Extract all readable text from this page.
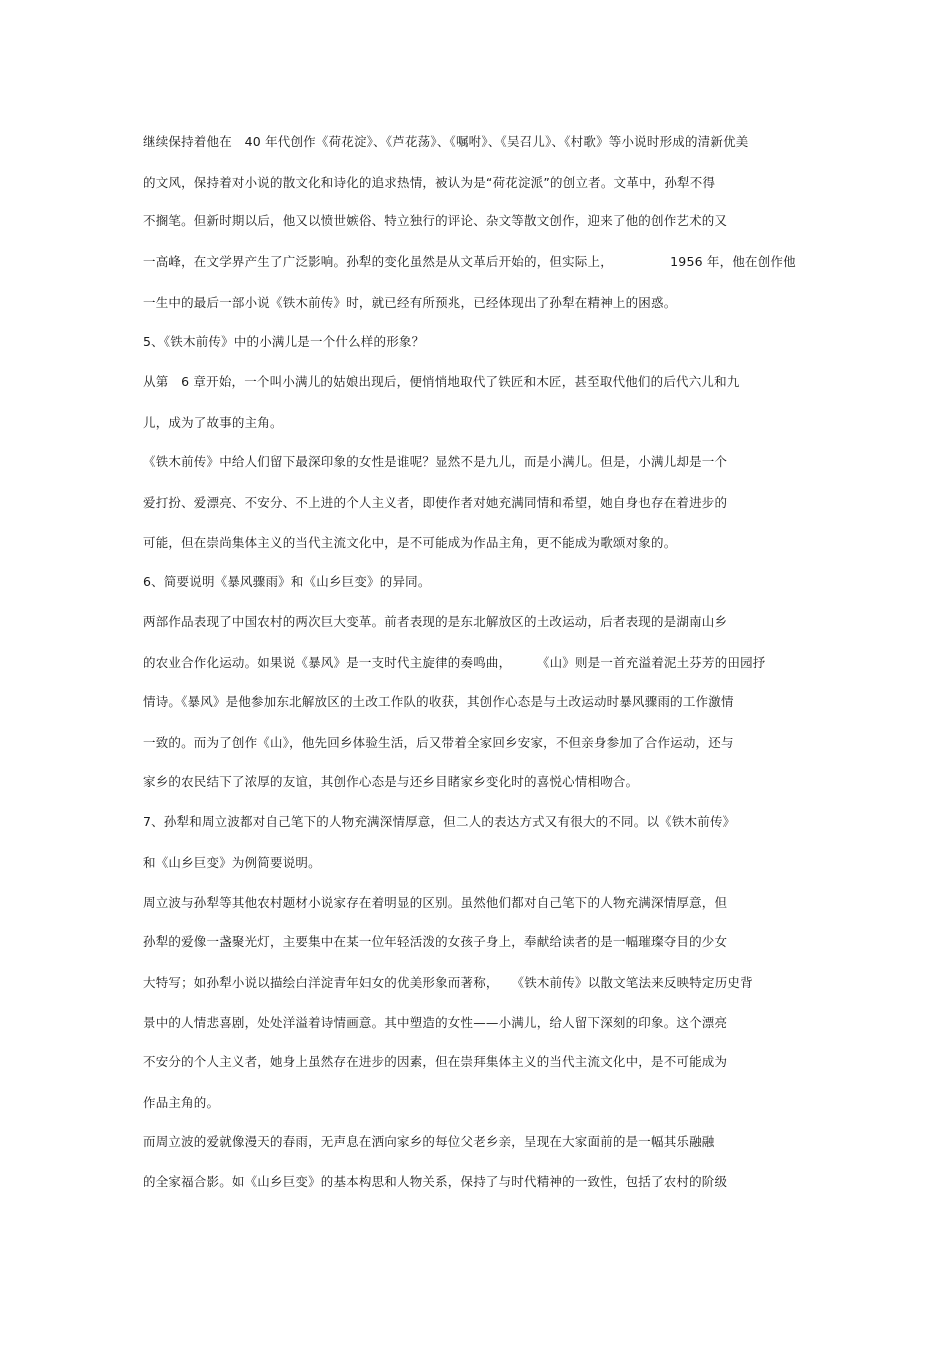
继续保持着他在　40 年代创作《荷花淀》、《芦花荡》、《嘱咐》、《吴召儿》、《村歌》等小说时形成的清新优美
的文风，保持着对小说的散文化和诗化的追求热情，被认为是“荷花淀派”的创立者。文革中，孙犁不得
不搁笔。但新时期以后，他又以愤世嫉俗、特立独行的评论、杂文等散文创作，迎来了他的创作艺术的又
一高峰，在文学界产生了广泛影响。孙犁的变化虽然是从文革后开始的，但实际上，　　　　　1956 年，他在创作他
一生中的最后一部小说《铁木前传》时，就已经有所预兆，已经体现出了孙犁在精神上的困惑。
5、《铁木前传》中的小满儿是一个什么样的形象？
从第　6 章开始，一个叫小满儿的姑娘出现后，便悄悄地取代了铁匠和木匠，甚至取代他们的后代六儿和九
儿，成为了故事的主角。
《铁木前传》中给人们留下最深印象的女性是谁呢？显然不是九儿，而是小满儿。但是，小满儿却是一个
爱打扮、爱漂亮、不安分、不上进的个人主义者，即使作者对她充满同情和希望，她自身也存在着进步的
可能，但在崇尚集体主义的当代主流文化中，是不可能成为作品主角，更不能成为歌颂对象的。
6、简要说明《暴风骤雨》和《山乡巨变》的异同。
两部作品表现了中国农村的两次巨大变革。前者表现的是东北解放区的土改运动，后者表现的是湖南山乡
的农业合作化运动。如果说《暴风》是一支时代主旋律的奏鸣曲，　　　《山》则是一首充溢着泥土芬芳的田园抒
情诗。《暴风》是他参加东北解放区的土改工作队的收获，其创作心态是与土改运动时暴风骤雨的工作激情
一致的。而为了创作《山》，他先回乡体验生活，后又带着全家回乡安家，不但亲身参加了合作运动，还与
家乡的农民结下了浓厚的友谊，其创作心态是与还乡目睹家乡变化时的喜悦心情相吻合。
7、孙犁和周立波都对自己笔下的人物充满深情厚意，但二人的表达方式又有很大的不同。以《铁木前传》
和《山乡巨变》为例简要说明。
周立波与孙犁等其他农村题材小说家存在着明显的区别。虽然他们都对自己笔下的人物充满深情厚意，但
孙犁的爱像一盏聚光灯，主要集中在某一位年轻活泼的女孩子身上，奉献给读者的是一幅璀璨夺目的少女
大特写；如孙犁小说以描绘白洋淀青年妇女的优美形象而著称，　　《铁木前传》以散文笔法来反映特定历史背
景中的人情悲喜剧，处处洋溢着诗情画意。其中塑造的女性——小满儿，给人留下深刻的印象。这个漂亮
不安分的个人主义者，她身上虽然存在进步的因素，但在崇拜集体主义的当代主流文化中，是不可能成为
作品主角的。
而周立波的爱就像漫天的春雨，无声息在洒向家乡的每位父老乡亲，呈现在大家面前的是一幅其乐融融
的全家福合影。如《山乡巨变》的基本构思和人物关系，保持了与时代精神的一致性，包括了农村的阶级
